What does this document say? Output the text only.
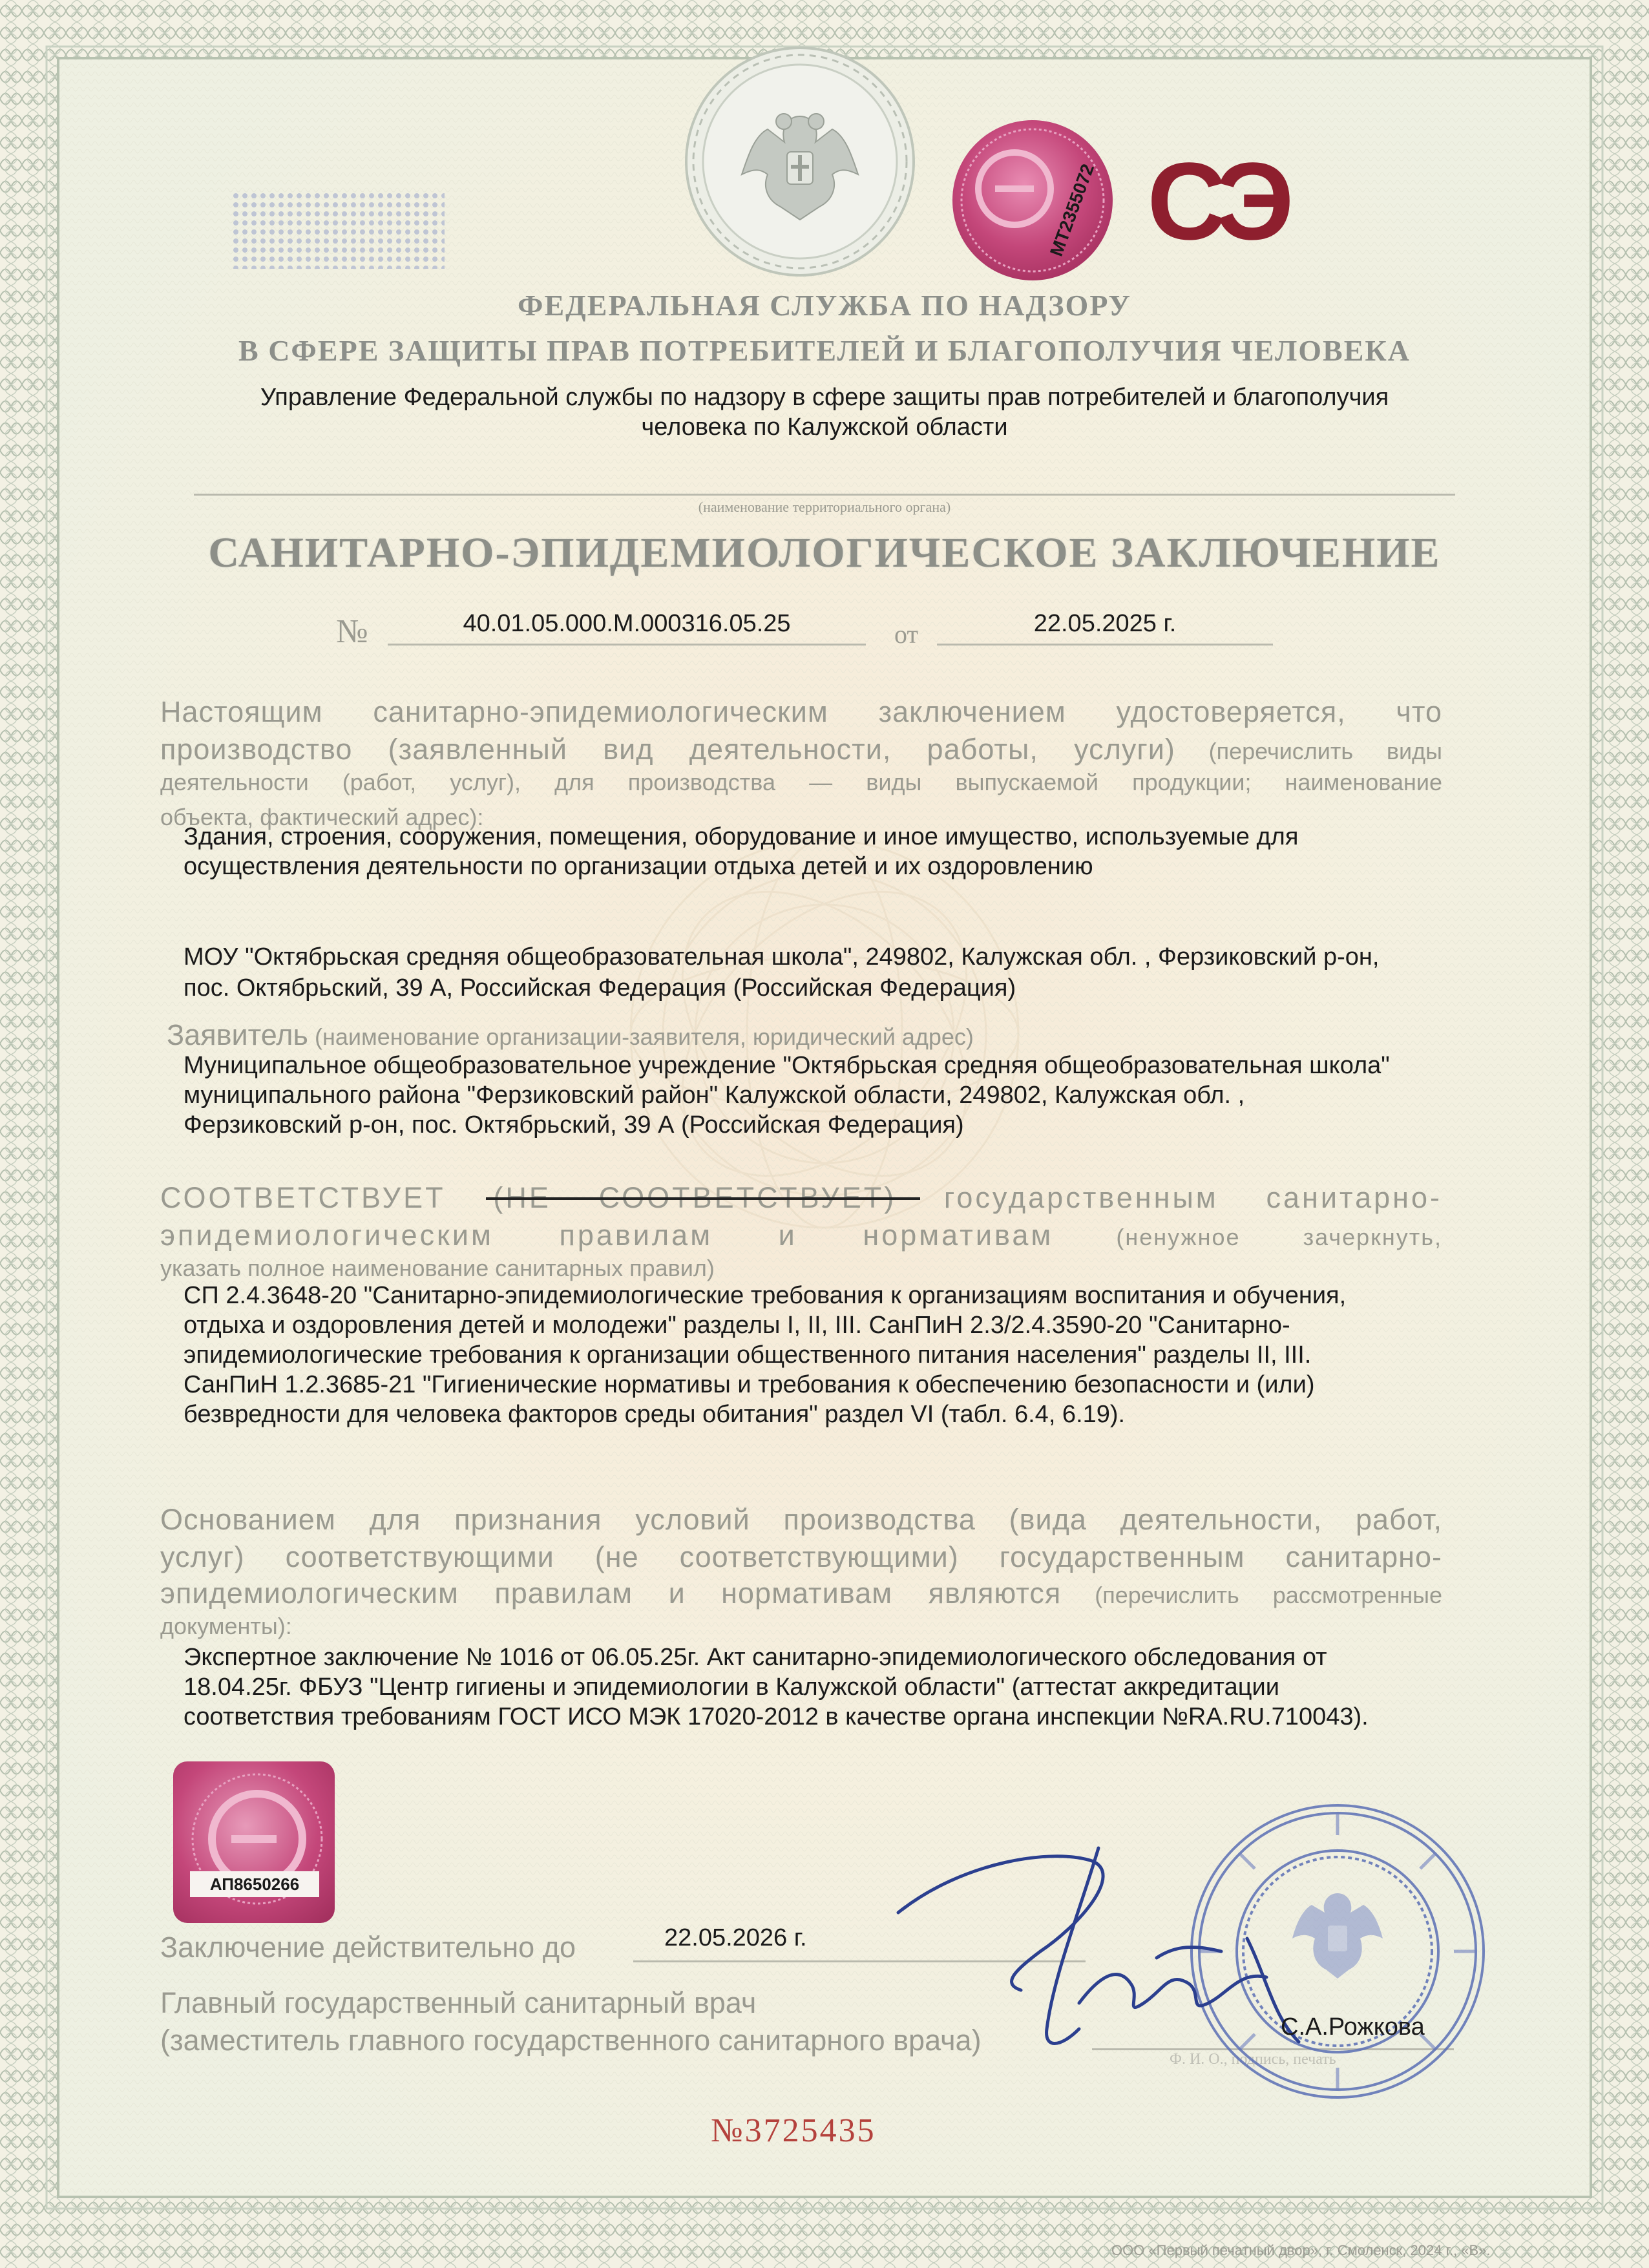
МТ2355072 СЭ
ФЕДЕРАЛЬНАЯ СЛУЖБА ПО НАДЗОРУ
В СФЕРЕ ЗАЩИТЫ ПРАВ ПОТРЕБИТЕЛЕЙ И БЛАГОПОЛУЧИЯ ЧЕЛОВЕКА
Управление Федеральной службы по надзору в сфере защиты прав потребителей и благополучия
человека по Калужской области
(наименование территориального органа)
САНИТАРНО-ЭПИДЕМИОЛОГИЧЕСКОЕ ЗАКЛЮЧЕНИЕ
№	40.01.05.000.М.000316.05.25	от	22.05.2025 г.
Настоящим санитарно-эпидемиологическим заключением удостоверяется, что
производство (заявленный вид деятельности, работы, услуги) (перечислить виды
деятельности (работ, услуг), для производства — виды выпускаемой продукции; наименование
объекта, фактический адрес):
Здания, строения, сооружения, помещения, оборудование и иное имущество, используемые для
осуществления деятельности по организации отдыха детей и их оздоровлению
МОУ "Октябрьская средняя общеобразовательная школа", 249802, Калужская обл. , Ферзиковский р-он,
пос. Октябрьский, 39 А, Российская Федерация (Российская Федерация)
Заявитель (наименование организации-заявителя, юридический адрес)
Муниципальное общеобразовательное учреждение "Октябрьская средняя общеобразовательная школа"
муниципального района "Ферзиковский район" Калужской области, 249802, Калужская обл. ,
Ферзиковский р-он, пос. Октябрьский, 39 А (Российская Федерация)
СООТВЕТСТВУЕТ (НЕ СООТВЕТСТВУЕТ) государственным санитарно-
эпидемиологическим правилам и нормативам (ненужное зачеркнуть,
указать полное наименование санитарных правил)
СП 2.4.3648-20 "Санитарно-эпидемиологические требования к организациям воспитания и обучения,
отдыха и оздоровления детей и молодежи" разделы I, II, III. СанПиН 2.3/2.4.3590-20 "Санитарно-
эпидемиологические требования к организации общественного питания населения" разделы II, III.
СанПиН 1.2.3685-21 "Гигиенические нормативы и требования к обеспечению безопасности и (или)
безвредности для человека факторов среды обитания" раздел VI (табл. 6.4, 6.19).
Основанием для признания условий производства (вида деятельности, работ,
услуг) соответствующими (не соответствующими) государственным санитарно-
эпидемиологическим правилам и нормативам являются (перечислить рассмотренные
документы):
Экспертное заключение № 1016 от 06.05.25г. Акт санитарно-эпидемиологического обследования от
18.04.25г. ФБУЗ "Центр гигиены и эпидемиологии в Калужской области" (аттестат аккредитации
соответствия требованиям ГОСТ ИСО МЭК 17020-2012 в качестве органа инспекции №RA.RU.710043).
АП8650266
Заключение действительно до	22.05.2026 г.
Главный государственный санитарный врач
(заместитель главного государственного санитарного врача)
Ф. И. О., подпись, печать
С.А.Рожкова
№3725435
ООО «Первый печатный двор», г. Смоленск, 2024 г., «В».
